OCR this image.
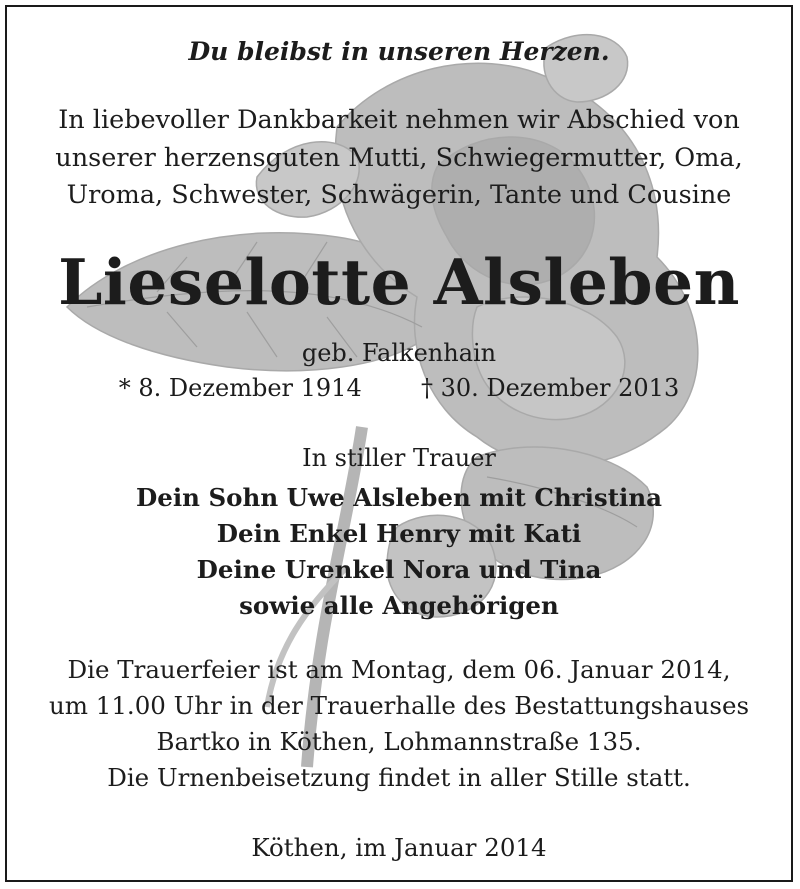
Du bleibst in unseren Herzen.
In liebevoller Dankbarkeit nehmen wir Abschied von
unserer herzensguten Mutti, Schwiegermutter, Oma,
Uroma, Schwester, Schwägerin, Tante und Cousine
Lieselotte Alsleben
geb. Falkenhain
* 8. Dezember 1914 † 30. Dezember 2013
In stiller Trauer
Dein Sohn Uwe Alsleben mit Christina
Dein Enkel Henry mit Kati
Deine Urenkel Nora und Tina
sowie alle Angehörigen
Die Trauerfeier ist am Montag, dem 06. Januar 2014,
um 11.00 Uhr in der Trauerhalle des Bestattungshauses
Bartko in Köthen, Lohmannstraße 135.
Die Urnenbeisetzung findet in aller Stille statt.
Köthen, im Januar 2014
